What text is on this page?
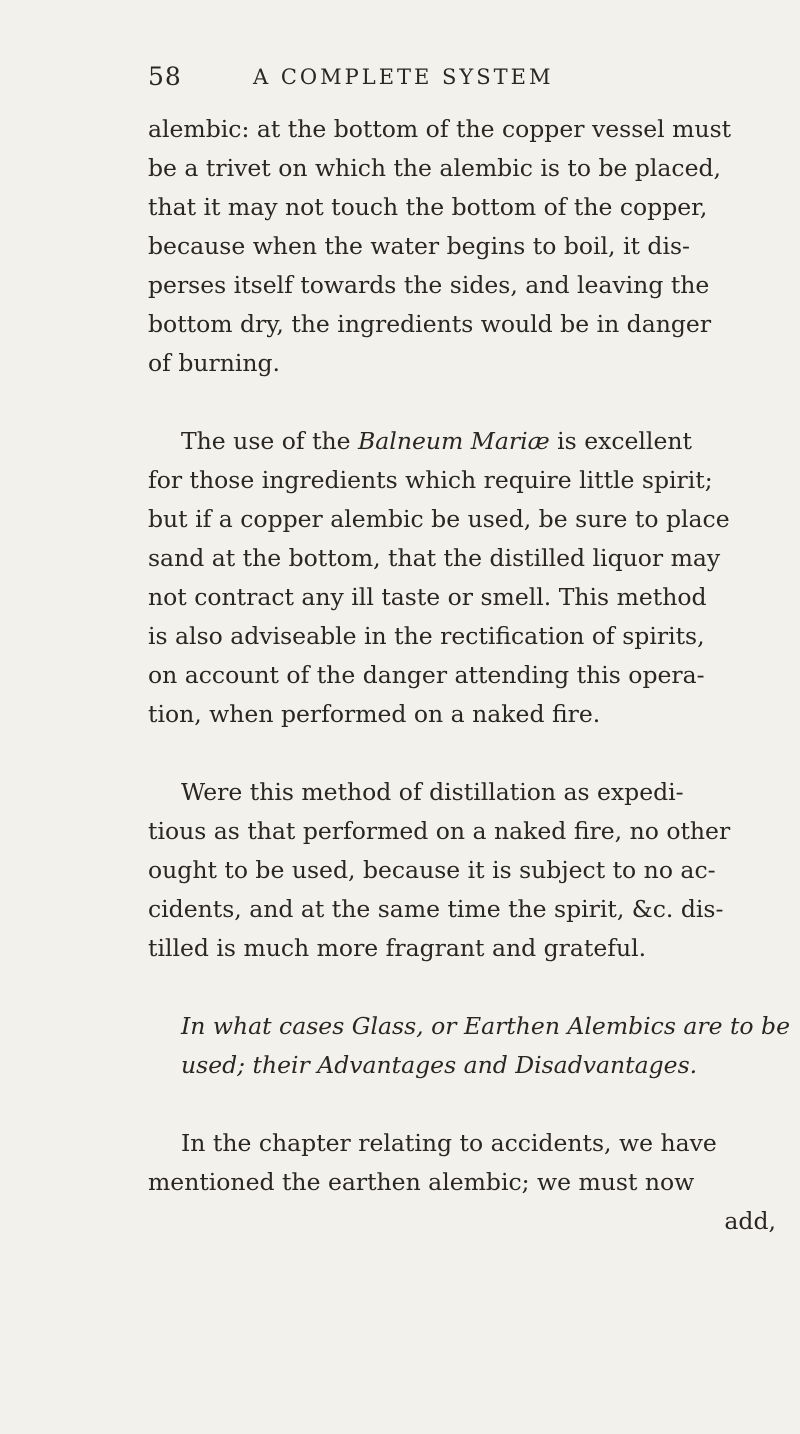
58	A COMPLETE SYSTEM
alembic: at the bottom of the copper vessel must
be a trivet on which the alembic is to be placed,
that it may not touch the bottom of the copper,
because when the water begins to boil, it dis-
perses itself towards the sides, and leaving the
bottom dry, the ingredients would be in danger
of burning.
The use of the Balneum Mariæ is excellent
for those ingredients which require little spirit;
but if a copper alembic be used, be sure to place
sand at the bottom, that the distilled liquor may
not contract any ill taste or smell. This method
is also adviseable in the rectification of spirits,
on account of the danger attending this opera-
tion, when performed on a naked fire.
Were this method of distillation as expedi-
tious as that performed on a naked fire, no other
ought to be used, because it is subject to no ac-
cidents, and at the same time the spirit, &c. dis-
tilled is much more fragrant and grateful.
In what cases Glass, or Earthen Alembics are to be
used; their Advantages and Disadvantages.
In the chapter relating to accidents, we have
mentioned the earthen alembic; we must now
add,
